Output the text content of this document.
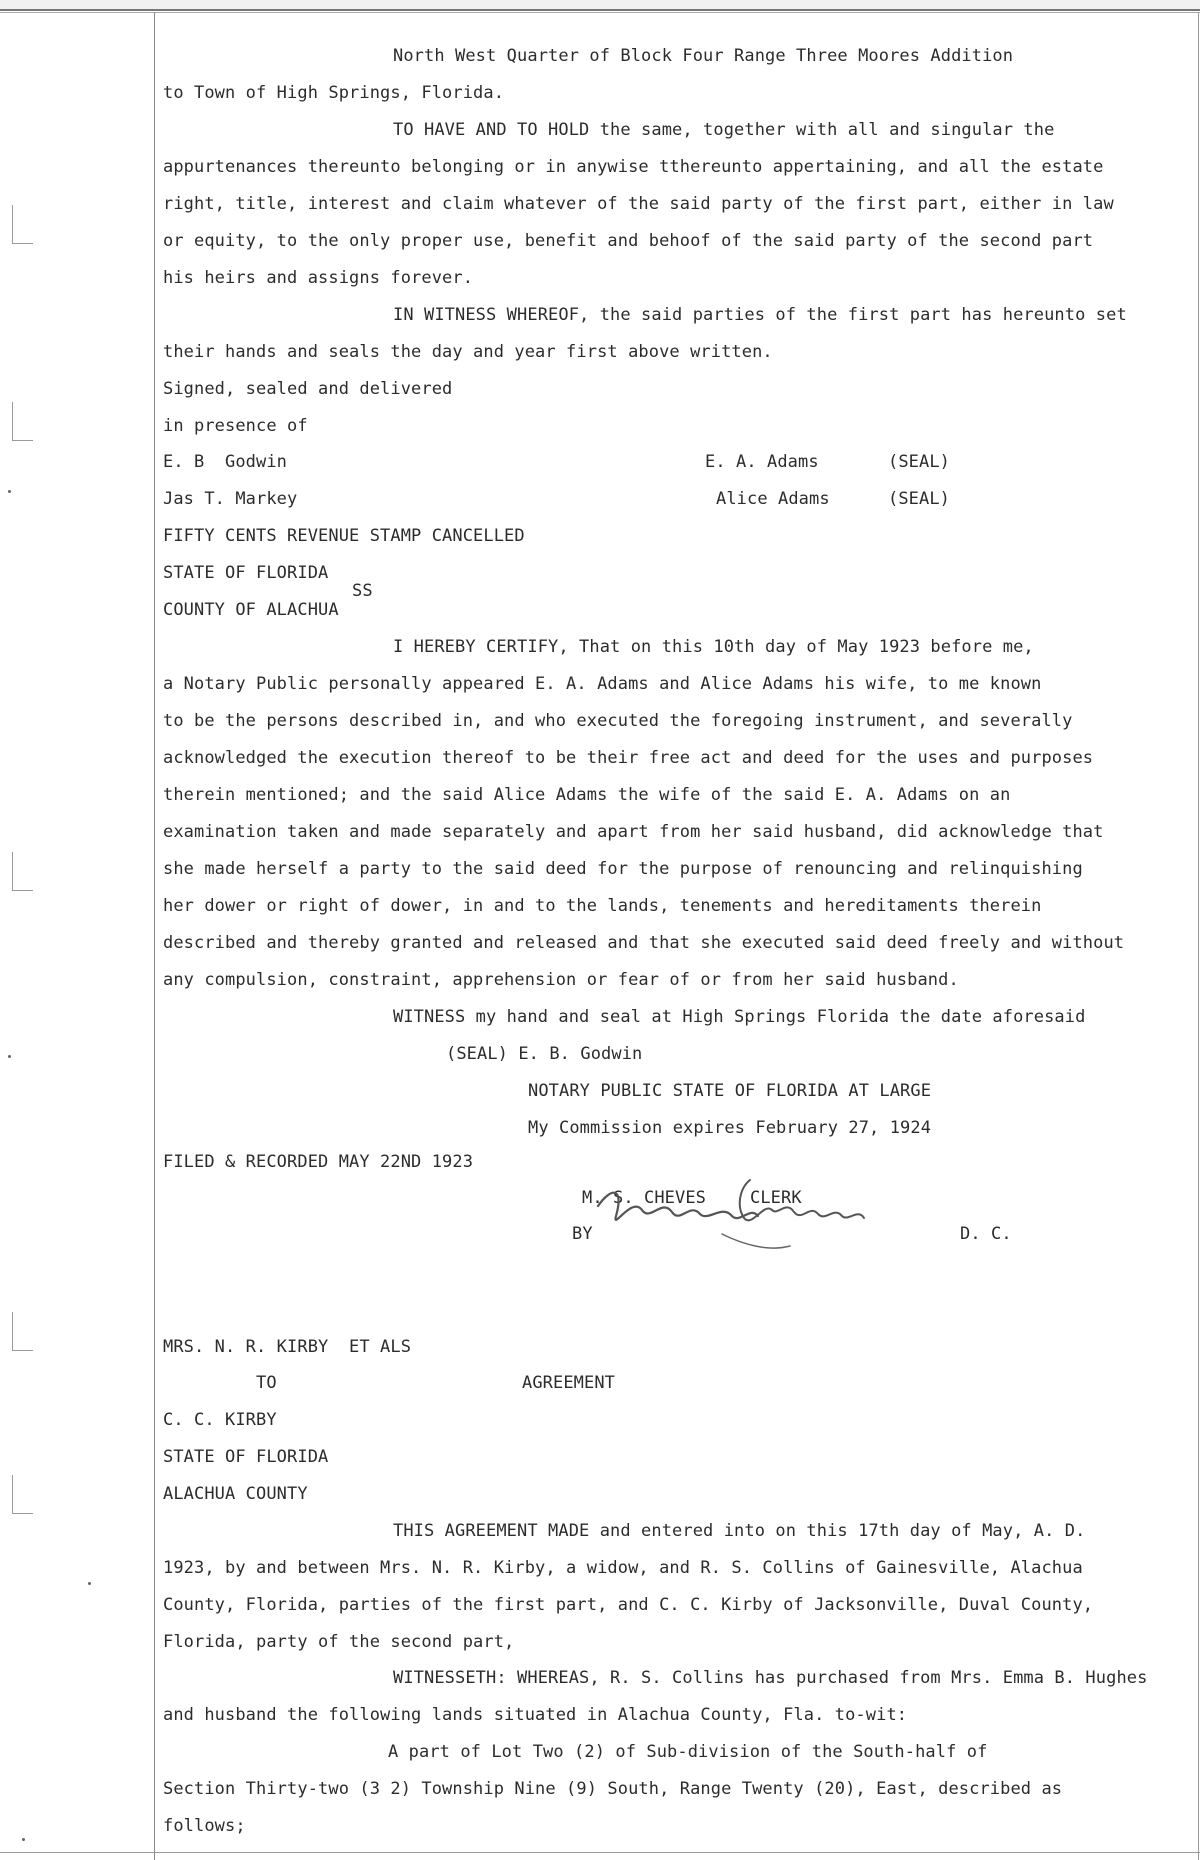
North West Quarter of Block Four Range Three Moores Addition
to Town of High Springs, Florida.
TO HAVE AND TO HOLD the same, together with all and singular the
appurtenances thereunto belonging or in anywise tthereunto appertaining, and all the estate
right, title, interest and claim whatever of the said party of the first part, either in law
or equity, to the only proper use, benefit and behoof of the said party of the second part
his heirs and assigns forever.
IN WITNESS WHEREOF, the said parties of the first part has hereunto set
their hands and seals the day and year first above written.
Signed, sealed and delivered
in presence of
E. B  Godwin	E. A. Adams	(SEAL)
Jas T. Markey	Alice Adams	(SEAL)
FIFTY CENTS REVENUE STAMP CANCELLED
STATE OF FLORIDA
SS
COUNTY OF ALACHUA
I HEREBY CERTIFY, That on this 10th day of May 1923 before me,
a Notary Public personally appeared E. A. Adams and Alice Adams his wife, to me known
to be the persons described in, and who executed the foregoing instrument, and severally
acknowledged the execution thereof to be their free act and deed for the uses and purposes
therein mentioned; and the said Alice Adams the wife of the said E. A. Adams on an
examination taken and made separately and apart from her said husband, did acknowledge that
she made herself a party to the said deed for the purpose of renouncing and relinquishing
her dower or right of dower, in and to the lands, tenements and hereditaments therein
described and thereby granted and released and that she executed said deed freely and without
any compulsion, constraint, apprehension or fear of or from her said husband.
WITNESS my hand and seal at High Springs Florida the date aforesaid
(SEAL) E. B. Godwin
NOTARY PUBLIC STATE OF FLORIDA AT LARGE
My Commission expires February 27, 1924
FILED & RECORDED MAY 22ND 1923
M. S. CHEVES	CLERK
BY	D. C.
MRS. N. R. KIRBY  ET ALS
TO	AGREEMENT
C. C. KIRBY
STATE OF FLORIDA
ALACHUA COUNTY
THIS AGREEMENT MADE and entered into on this 17th day of May, A. D.
1923, by and between Mrs. N. R. Kirby, a widow, and R. S. Collins of Gainesville, Alachua
County, Florida, parties of the first part, and C. C. Kirby of Jacksonville, Duval County,
Florida, party of the second part,
WITNESSETH: WHEREAS, R. S. Collins has purchased from Mrs. Emma B. Hughes
and husband the following lands situated in Alachua County, Fla. to-wit:
A part of Lot Two (2) of Sub-division of the South-half of
Section Thirty-two (3 2) Township Nine (9) South, Range Twenty (20), East, described as
follows;
